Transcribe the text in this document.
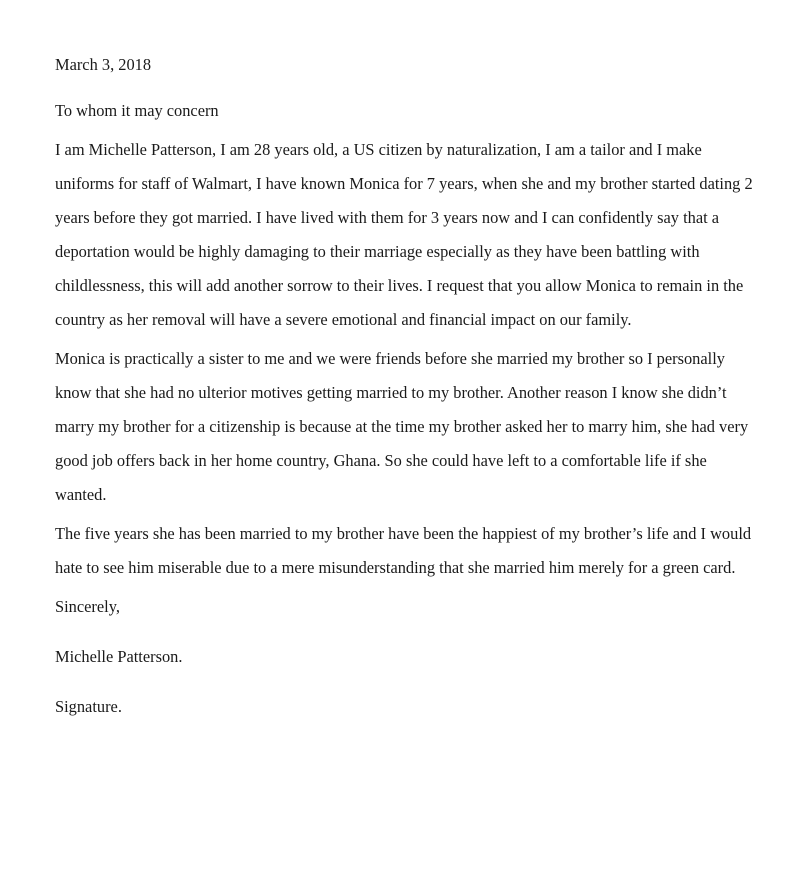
March 3, 2018

To whom it may concern

I am Michelle Patterson, I am 28 years old, a US citizen by naturalization, I am a tailor and I make uniforms for staff of Walmart, I have known Monica for 7 years, when she and my brother started dating 2 years before they got married. I have lived with them for 3 years now and I can confidently say that a deportation would be highly damaging to their marriage especially as they have been battling with childlessness, this will add another sorrow to their lives. I request that you allow Monica to remain in the country as her removal will have a severe emotional and financial impact on our family.

Monica is practically a sister to me and we were friends before she married my brother so I personally know that she had no ulterior motives getting married to my brother. Another reason I know she didn’t marry my brother for a citizenship is because at the time my brother asked her to marry him, she had very good job offers back in her home country, Ghana. So she could have left to a comfortable life if she wanted.

The five years she has been married to my brother have been the happiest of my brother’s life and I would hate to see him miserable due to a mere misunderstanding that she married him merely for a green card.

Sincerely,

Michelle Patterson.

Signature.
